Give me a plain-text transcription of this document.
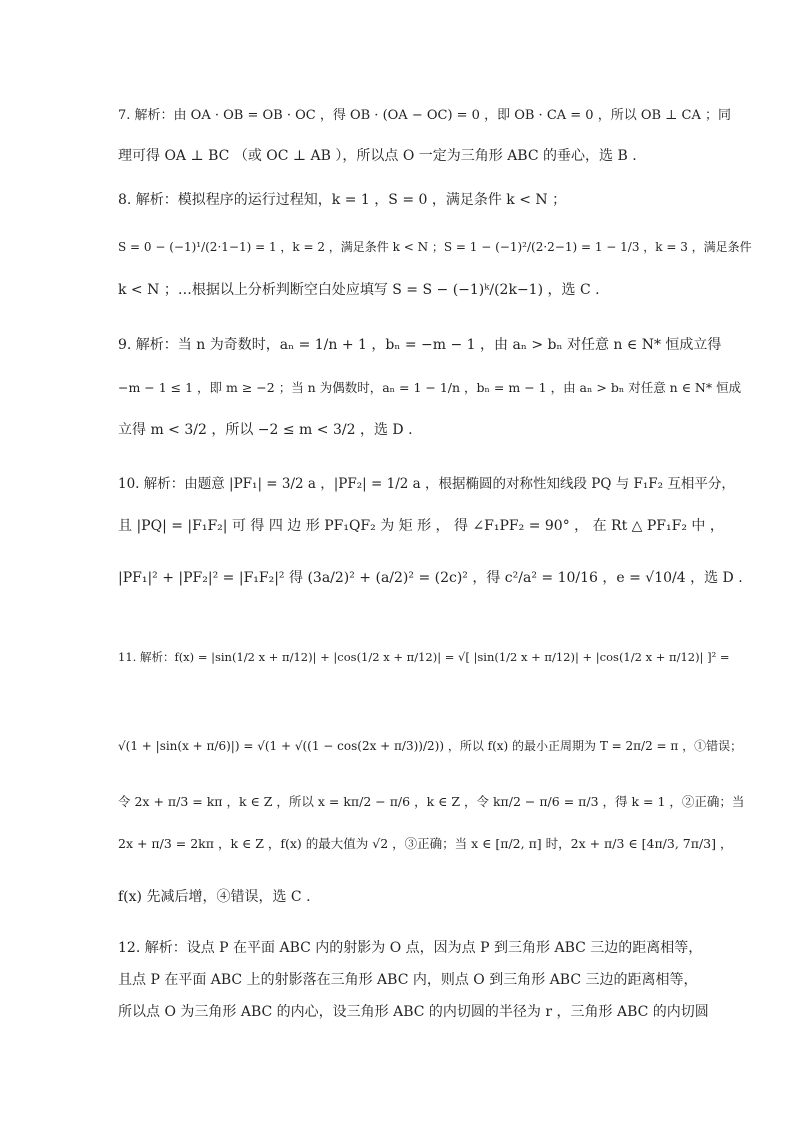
7. 解析：由 OA · OB = OB · OC ，得 OB · (OA − OC) = 0 ，即 OB · CA = 0 ，所以 OB ⊥ CA ；同
理可得 OA ⊥ BC （或 OC ⊥ AB ），所以点 O 一定为三角形 ABC 的垂心，选 B .
8. 解析：模拟程序的运行过程知，k = 1 ，S = 0 ，满足条件 k < N ；
S = 0 − (−1)¹/(2·1−1) = 1 ，k = 2 ，满足条件 k < N ；S = 1 − (−1)²/(2·2−1) = 1 − 1/3 ，k = 3 ，满足条件
k < N ；…根据以上分析判断空白处应填写 S = S − (−1)ᵏ/(2k−1) ，选 C .
9. 解析：当 n 为奇数时，aₙ = 1/n + 1 ，bₙ = −m − 1 ，由 aₙ > bₙ 对任意 n ∈ N* 恒成立得
−m − 1 ≤ 1 ，即 m ≥ −2 ；当 n 为偶数时，aₙ = 1 − 1/n ，bₙ = m − 1 ，由 aₙ > bₙ 对任意 n ∈ N* 恒成
立得 m < 3/2 ，所以 −2 ≤ m < 3/2 ，选 D .
10. 解析：由题意 |PF₁| = 3/2 a ，|PF₂| = 1/2 a ，根据椭圆的对称性知线段 PQ 与 F₁F₂ 互相平分，
且 |PQ| = |F₁F₂| 可 得 四 边 形 PF₁QF₂ 为 矩 形 ， 得 ∠F₁PF₂ = 90° ， 在 Rt △ PF₁F₂ 中 ，
|PF₁|² + |PF₂|² = |F₁F₂|² 得 (3a/2)² + (a/2)² = (2c)² ，得 c²/a² = 10/16 ，e = √10/4 ，选 D .
11. 解析：f(x) = |sin(1/2 x + π/12)| + |cos(1/2 x + π/12)| = √[ |sin(1/2 x + π/12)| + |cos(1/2 x + π/12)| ]² =
√(1 + |sin(x + π/6)|) = √(1 + √((1 − cos(2x + π/3))/2)) ，所以 f(x) 的最小正周期为 T = 2π/2 = π ，①错误；
令 2x + π/3 = kπ ，k ∈ Z ，所以 x = kπ/2 − π/6 ，k ∈ Z ，令 kπ/2 − π/6 = π/3 ，得 k = 1 ，②正确；当
2x + π/3 = 2kπ ，k ∈ Z ，f(x) 的最大值为 √2 ，③正确；当 x ∈ [π/2, π] 时，2x + π/3 ∈ [4π/3, 7π/3] ，
f(x) 先减后增，④错误，选 C .
12. 解析：设点 P 在平面 ABC 内的射影为 O 点，因为点 P 到三角形 ABC 三边的距离相等，
且点 P 在平面 ABC 上的射影落在三角形 ABC 内，则点 O 到三角形 ABC 三边的距离相等，
所以点 O 为三角形 ABC 的内心，设三角形 ABC 的内切圆的半径为 r ，三角形 ABC 的内切圆
